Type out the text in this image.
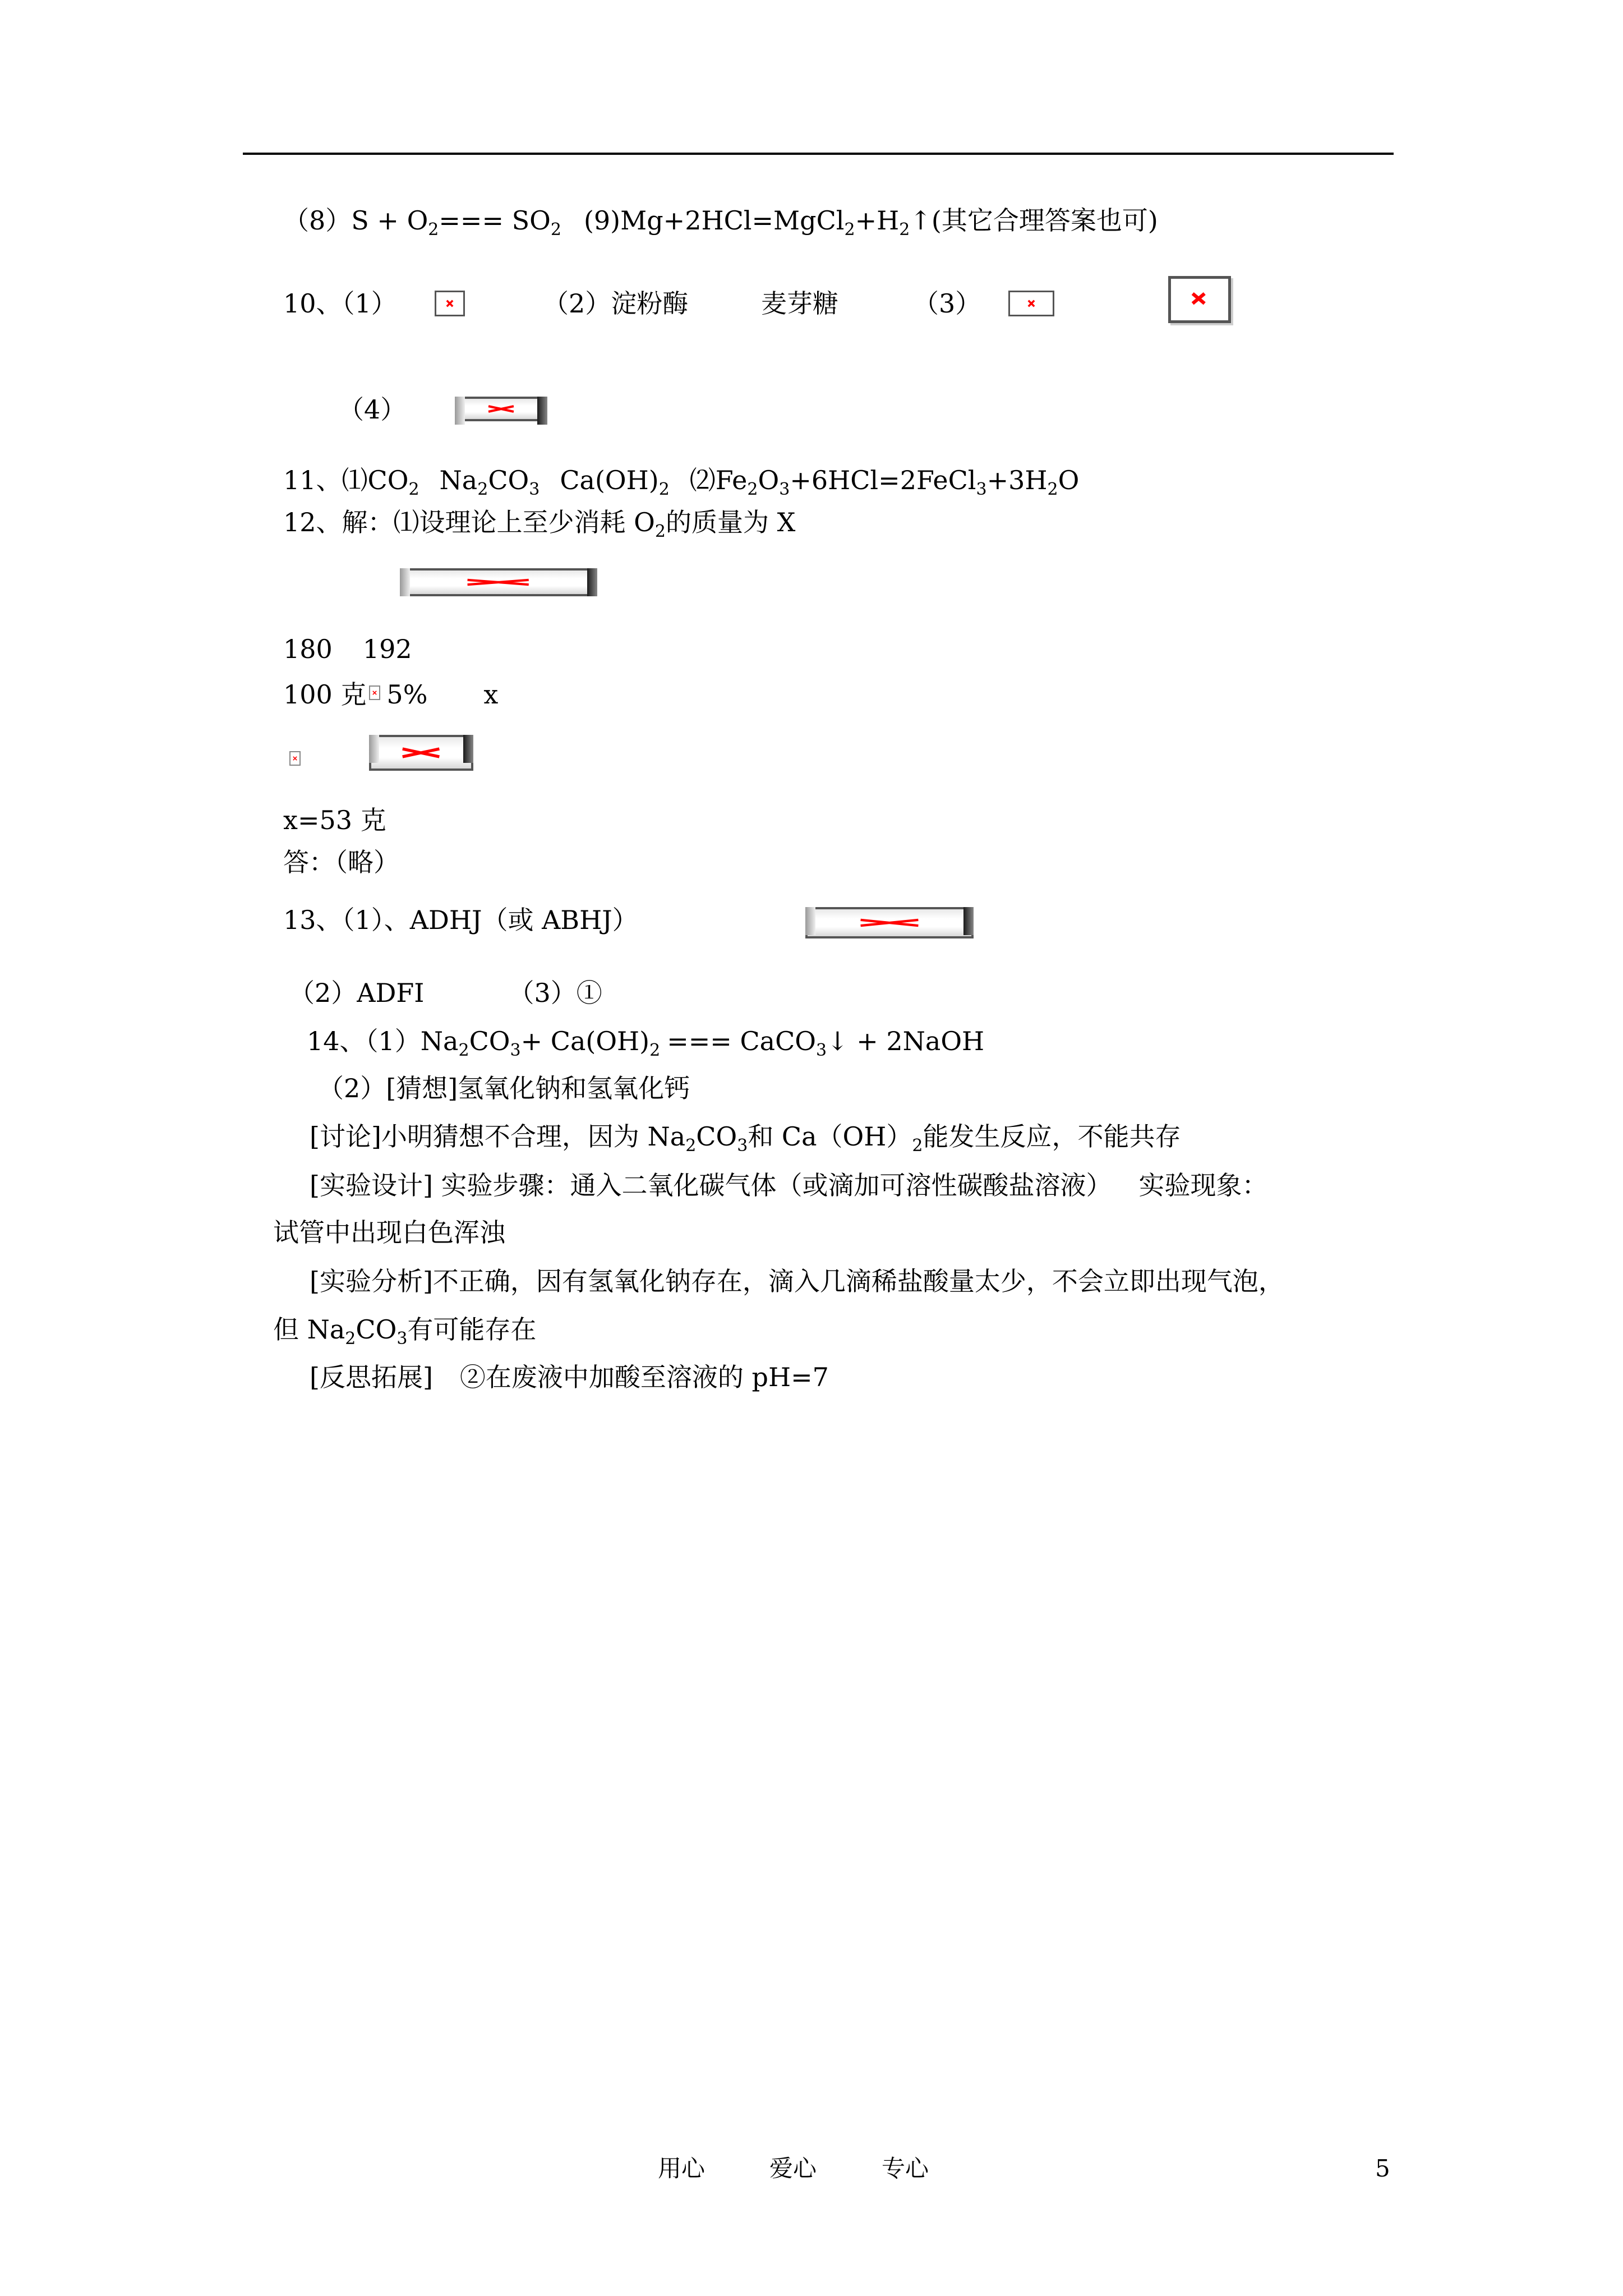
（8）S + O2=== SO2 (9)Mg+2HCl=MgCl2+H2↑(其它合理答案也可)
10、（1）	（2）淀粉酶	麦芽糖	（3）
（4）
11、⑴CO2 Na2CO3 Ca(OH)2 ⑵Fe2O3+6HCl=2FeCl3+3H2O
12、解：⑴设理论上至少消耗 O2的质量为 X
180 192
100 克 5% x
x=53 克
答：（略）
13、（1）、ADHJ（或 ABHJ）
（2）ADFI	（3）①
14、（1）Na2CO3+ Ca(OH)2 === CaCO3↓ + 2NaOH
（2）[猜想]氢氧化钠和氢氧化钙
[讨论]小明猜想不合理，因为 Na2CO3和 Ca（OH）2能发生反应，不能共存
[实验设计] 实验步骤：通入二氧化碳气体（或滴加可溶性碳酸盐溶液） 实验现象：
试管中出现白色浑浊
[实验分析]不正确，因有氢氧化钠存在，滴入几滴稀盐酸量太少，不会立即出现气泡，
但 Na2CO3有可能存在
[反思拓展] ②在废液中加酸至溶液的 pH=7
用心	爱心	专心	5
